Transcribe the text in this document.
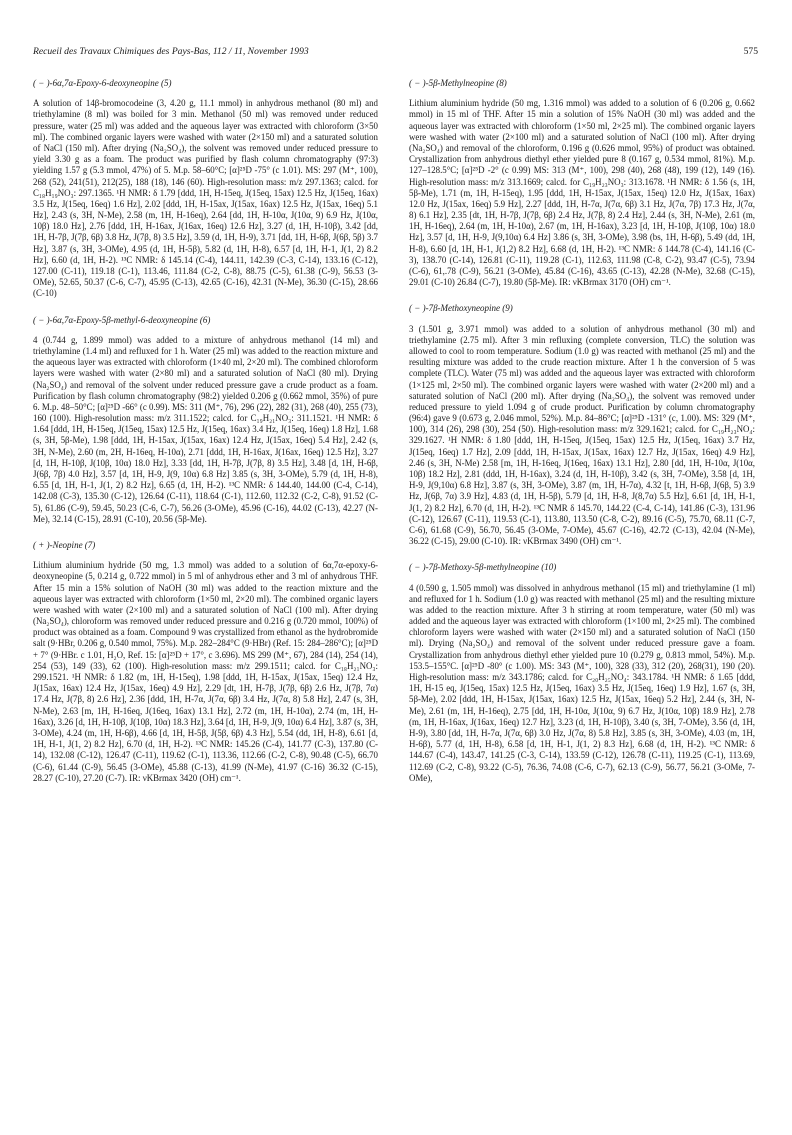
Recueil des Travaux Chimiques des Pays-Bas, 112 / 11, November 1993	575
( − )-6α,7α-Epoxy-6-deoxyneopine (5)

A solution of 14β-bromocodeine (3, 4.20 g, 11.1 mmol) in anhydrous methanol (80 ml) and triethylamine (8 ml) was boiled for 3 min. Methanol (50 ml) was removed under reduced pressure, water (25 ml) was added and the aqueous layer was extracted with chloroform (3×50 ml). The combined organic layers were washed with water (2×150 ml) and a saturated solution of NaCl (150 ml). After drying (Na₂SO₄), the solvent was removed under reduced pressure to yield 3.30 g as a foam. The product was purified by flash column chromatography (97:3) yielding 1.57 g (5.3 mmol, 47%) of 5. M.p. 58–60°C; [α]²⁵D -75° (c 1.01). MS: 297 (M⁺, 100), 268 (52), 241(51), 212(25), 188 (18), 146 (60). High-resolution mass: m/z 297.1363; calcd. for C₁₈H₁₉NO₃: 297.1365. ¹H NMR: δ 1.79 [ddd, 1H, H-15eq, J(15eq, 15ax) 12.5 Hz, J(15eq, 16ax) 3.5 Hz, J(15eq, 16eq) 1.6 Hz], 2.02 [ddd, 1H, H-15ax, J(15ax, 16ax) 12.5 Hz, J(15ax, 16eq) 5.1 Hz], 2.43 (s, 3H, N-Me), 2.58 (m, 1H, H-16eq), 2.64 [dd, 1H, H-10α, J(10α, 9) 6.9 Hz, J(10α, 10β) 18.0 Hz], 2.76 [ddd, 1H, H-16ax, J(16ax, 16eq) 12.6 Hz], 3.27 (d, 1H, H-10β), 3.42 [dd, 1H, H-7β, J(7β, 6β) 3.8 Hz, J(7β, 8) 3.5 Hz], 3.59 (d, 1H, H-9), 3.71 [dd, 1H, H-6β, J(6β, 5β) 3.7 Hz], 3.87 (s, 3H, 3-OMe), 4.95 (d, 1H, H-5β), 5.82 (d, 1H, H-8), 6.57 [d, 1H, H-1, J(1, 2) 8.2 Hz], 6.60 (d, 1H, H-2). ¹³C NMR: δ 145.14 (C-4), 144.11, 142.39 (C-3, C-14), 133.16 (C-12), 127.00 (C-11), 119.18 (C-1), 113.46, 111.84 (C-2, C-8), 88.75 (C-5), 61.38 (C-9), 56.53 (3-OMe), 52.65, 50.37 (C-6, C-7), 45.95 (C-13), 42.65 (C-16), 42.31 (N-Me), 36.30 (C-15), 28.66 (C-10)

( − )-6α,7α-Epoxy-5β-methyl-6-deoxyneopine (6)

4 (0.744 g, 1.899 mmol) was added to a mixture of anhydrous methanol (14 ml) and triethylamine (1.4 ml) and refluxed for 1 h. Water (25 ml) was added to the reaction mixture and the aqueous layer was extracted with chloroform (1×40 ml, 2×20 ml). The combined chloroform layers were washed with water (2×80 ml) and a saturated solution of NaCl (80 ml). Drying (Na₂SO₄) and removal of the solvent under reduced pressure gave a crude product as a foam. Purification by flash column chromatography (98:2) yielded 0.206 g (0.662 mmol, 35%) of pure 6. M.p. 48–50°C; [α]²⁵D -66° (c 0.99). MS: 311 (M⁺, 76), 296 (22), 282 (31), 268 (40), 255 (73), 160 (100). High-resolution mass: m/z 311.1522; calcd. for C₁₉H₂₁NO₃: 311.1521. ¹H NMR: δ 1.64 [ddd, 1H, H-15eq, J(15eq, 15ax) 12.5 Hz, J(15eq, 16ax) 3.4 Hz, J(15eq, 16eq) 1.8 Hz], 1.68 (s, 3H, 5β-Me), 1.98 [ddd, 1H, H-15ax, J(15ax, 16ax) 12.4 Hz, J(15ax, 16eq) 5.4 Hz], 2.42 (s, 3H, N-Me), 2.60 (m, 2H, H-16eq, H-10α), 2.71 [ddd, 1H, H-16ax, J(16ax, 16eq) 12.5 Hz], 3.27 [d, 1H, H-10β, J(10β, 10α) 18.0 Hz], 3.33 [dd, 1H, H-7β, J(7β, 8) 3.5 Hz], 3.48 [d, 1H, H-6β, J(6β, 7β) 4.0 Hz], 3.57 [d, 1H, H-9, J(9, 10α) 6.8 Hz] 3.85 (s, 3H, 3-OMe), 5.79 (d, 1H, H-8), 6.55 [d, 1H, H-1, J(1, 2) 8.2 Hz], 6.65 (d, 1H, H-2). ¹³C NMR: δ 144.40, 144.00 (C-4, C-14), 142.08 (C-3), 135.30 (C-12), 126.64 (C-11), 118.64 (C-1), 112.60, 112.32 (C-2, C-8), 91.52 (C-5), 61.86 (C-9), 59.45, 50.23 (C-6, C-7), 56.26 (3-OMe), 45.96 (C-16), 44.02 (C-13), 42.27 (N-Me), 32.14 (C-15), 28.91 (C-10), 20.56 (5β-Me).

( + )-Neopine (7)

Lithium aluminium hydride (50 mg, 1.3 mmol) was added to a solution of 6α,7α-epoxy-6-deoxyneopine (5, 0.214 g, 0.722 mmol) in 5 ml of anhydrous ether and 3 ml of anhydrous THF. After 15 min a 15% solution of NaOH (30 ml) was added to the reaction mixture and the aqueous layer was extracted with chloroform (1×50 ml, 2×20 ml). The combined organic layers were washed with water (2×100 ml) and a saturated solution of NaCl (100 ml). After drying (Na₂SO₄), chloroform was removed under reduced pressure and 0.216 g (0.720 mmol, 100%) of product was obtained as a foam. Compound 9 was crystallized from ethanol as the hydrobromide salt (9·HBr, 0.206 g, 0.540 mmol, 75%). M.p. 282–284°C (9·HBr) (Ref. 15: 284–286°C); [α]²⁵D + 7° (9·HBr. c 1.01, H₂O, Ref. 15: [α]²⁵D + 17°, c 3.696). MS 299 (M⁺, 67), 284 (14), 254 (14), 254 (53), 149 (33), 62 (100). High-resolution mass: m/z 299.1511; calcd. for C₁₈H₂₁NO₃: 299.1521. ¹H NMR: δ 1.82 (m, 1H, H-15eq), 1.98 [ddd, 1H, H-15ax, J(15ax, 15eq) 12.4 Hz, J(15ax, 16ax) 12.4 Hz, J(15ax, 16eq) 4.9 Hz], 2.29 [dt, 1H, H-7β, J(7β, 6β) 2.6 Hz, J(7β, 7α) 17.4 Hz, J(7β, 8) 2.6 Hz], 2.36 [ddd, 1H, H-7α, J(7α, 6β) 3.4 Hz, J(7α, 8) 5.8 Hz], 2.47 (s, 3H, N-Me), 2.63 [m, 1H, H-16eq, J(16eq, 16ax) 13.1 Hz], 2.72 (m, 1H, H-10α), 2.74 (m, 1H, H-16ax), 3.26 [d, 1H, H-10β, J(10β, 10α) 18.3 Hz], 3.64 [d, 1H, H-9, J(9, 10α) 6.4 Hz], 3.87 (s, 3H, 3-OMe), 4.24 (m, 1H, H-6β), 4.66 [d, 1H, H-5β, J(5β, 6β) 4.3 Hz], 5.54 (dd, 1H, H-8), 6.61 [d, 1H, H-1, J(1, 2) 8.2 Hz], 6.70 (d, 1H, H-2). ¹³C NMR: 145.26 (C-4), 141.77 (C-3), 137.80 (C-14), 132.08 (C-12), 126.47 (C-11), 119.62 (C-1), 113.36, 112.66 (C-2, C-8), 90.48 (C-5), 66.70 (C-6), 61.44 (C-9), 56.45 (3-OMe), 45.88 (C-13), 41.99 (N-Me), 41.97 (C-16) 36.32 (C-15), 28.27 (C-10), 27.20 (C-7). IR: νKBrmax 3420 (OH) cm⁻¹.

( − )-5β-Methylneopine (8)

Lithium aluminium hydride (50 mg, 1.316 mmol) was added to a solution of 6 (0.206 g, 0.662 mmol) in 15 ml of THF. After 15 min a solution of 15% NaOH (30 ml) was added and the aqueous layer was extracted with chloroform (1×50 ml, 2×25 ml). The combined organic layers were washed with water (2×100 ml) and a saturated solution of NaCl (100 ml). After drying (Na₂SO₄) and removal of the chloroform, 0.196 g (0.626 mmol, 95%) of product was obtained. Crystallization from anhydrous diethyl ether yielded pure 8 (0.167 g, 0.534 mmol, 81%). M.p. 127–128.5°C; [α]²⁵D -2° (c 0.99) MS: 313 (M⁺, 100), 298 (40), 268 (48), 199 (12), 149 (16). High-resolution mass: m/z 313.1669; calcd. for C₁₉H₂₃NO₃: 313.1678. ¹H NMR: δ 1.56 (s, 1H, 5β-Me), 1.71 (m, 1H, H-15eq), 1.95 [ddd, 1H, H-15ax, J(15ax, 15eq) 12.0 Hz, J(15ax, 16ax) 12.0 Hz, J(15ax, 16eq) 5.9 Hz], 2.27 [ddd, 1H, H-7α, J(7α, 6β) 3.1 Hz, J(7α, 7β) 17.3 Hz, J(7α, 8) 6.1 Hz], 2.35 [dt, 1H, H-7β, J(7β, 6β) 2.4 Hz, J(7β, 8) 2.4 Hz], 2.44 (s, 3H, N-Me), 2.61 (m, 1H, H-16eq), 2.64 (m, 1H, H-10α), 2.67 (m, 1H, H-16ax), 3.23 [d, 1H, H-10β, J(10β, 10α) 18.0 Hz], 3.57 [d, 1H, H-9, J(9,10α) 6.4 Hz] 3.86 (s, 3H, 3-OMe), 3.98 (bs, 1H, H-6β), 5.49 (dd, 1H, H-8), 6.60 [d, 1H, H-1, J(1,2) 8.2 Hz], 6.68 (d, 1H, H-2). ¹³C NMR: δ 144.78 (C-4), 141.16 (C-3), 138.70 (C-14), 126.81 (C-11), 119.28 (C-1), 112.63, 111.98 (C-8, C-2), 93.47 (C-5), 73.94 (C-6), 61,.78 (C-9), 56.21 (3-OMe), 45.84 (C-16), 43.65 (C-13), 42.28 (N-Me), 32.68 (C-15), 29.01 (C-10) 26.84 (C-7), 19.80 (5β-Me). IR: νKBrmax 3170 (OH) cm⁻¹.

( − )-7β-Methoxyneopine (9)

3 (1.501 g, 3.971 mmol) was added to a solution of anhydrous methanol (30 ml) and triethylamine (2.75 ml). After 3 min refluxing (complete conversion, TLC) the solution was allowed to cool to room temperature. Sodium (1.0 g) was reacted with methanol (25 ml) and the resulting mixture was added to the crude reaction mixture. After 1 h the conversion of 5 was complete (TLC). Water (75 ml) was added and the aqueous layer was extracted with chloroform (1×125 ml, 2×50 ml). The combined organic layers were washed with water (2×200 ml) and a saturated solution of NaCl (200 ml). After drying (Na₂SO₄), the solvent was removed under reduced pressure to yield 1.094 g of crude product. Purification by column chromatography (96:4) gave 9 (0.673 g, 2.046 mmol, 52%). M.p. 84–86°C; [α]²⁵D -131° (c, 1.00). MS: 329 (M⁺, 100), 314 (26), 298 (30), 254 (50). High-resolution mass: m/z 329.1621; calcd. for C₁₉H₂₃NO₄: 329.1627. ¹H NMR: δ 1.80 [ddd, 1H, H-15eq, J(15eq, 15ax) 12.5 Hz, J(15eq, 16ax) 3.7 Hz, J(15eq, 16eq) 1.7 Hz], 2.09 [ddd, 1H, H-15ax, J(15ax, 16ax) 12.7 Hz, J(15ax, 16eq) 4.9 Hz], 2.46 (s, 3H, N-Me) 2.58 [m, 1H, H-16eq, J(16eq, 16ax) 13.1 Hz], 2.80 [dd, 1H, H-10α, J(10α, 10β) 18.2 Hz], 2.81 (ddd, 1H, H-16ax), 3.24 (d, 1H, H-10β), 3.42 (s, 3H, 7-OMe), 3.58 [d, 1H, H-9, J(9,10α) 6.8 Hz], 3.87 (s, 3H, 3-OMe), 3.87 (m, 1H, H-7α), 4.32 [t, 1H, H-6β, J(6β, 5) 3.9 Hz, J(6β, 7α) 3.9 Hz], 4.83 (d, 1H, H-5β), 5.79 [d, 1H, H-8, J(8,7α) 5.5 Hz], 6.61 [d, 1H, H-1, J(1, 2) 8.2 Hz], 6.70 (d, 1H, H-2). ¹³C NMR δ 145.70, 144.22 (C-4, C-14), 141.86 (C-3), 131.96 (C-12), 126.67 (C-11), 119.53 (C-1), 113.80, 113.50 (C-8, C-2), 89.16 (C-5), 75.70, 68.11 (C-7, C-6), 61.68 (C-9), 56.70, 56.45 (3-OMe, 7-OMe), 45.67 (C-16), 42.72 (C-13), 42.04 (N-Me), 36.22 (C-15), 29.00 (C-10). IR: νKBrmax 3490 (OH) cm⁻¹.

( − )-7β-Methoxy-5β-methylneopine (10)

4 (0.590 g, 1.505 mmol) was dissolved in anhydrous methanol (15 ml) and triethylamine (1 ml) and refluxed for 1 h. Sodium (1.0 g) was reacted with methanol (25 ml) and the resulting mixture was added to the reaction mixture. After 3 h stirring at room temperature, water (50 ml) was added and the aqueous layer was extracted with chloroform (1×100 ml, 2×25 ml). The combined chloroform layers were washed with water (2×150 ml) and a saturated solution of NaCl (150 ml). Drying (Na₂SO₄) and removal of the solvent under reduced pressure gave a foam. Crystallization from anhydrous diethyl ether yielded pure 10 (0.279 g, 0.813 mmol, 54%). M.p. 153.5–155°C. [α]²⁵D -80° (c 1.00). MS: 343 (M⁺, 100), 328 (33), 312 (20), 268(31), 190 (20). High-resolution mass: m/z 343.1786; calcd. for C₂₀H₂₅NO₄: 343.1784. ¹H NMR: δ 1.65 [ddd, 1H, H-15 eq, J(15eq, 15ax) 12.5 Hz, J(15eq, 16ax) 3.5 Hz, J(15eq, 16eq) 1.9 Hz], 1.67 (s, 3H, 5β-Me), 2.02 [ddd, 1H, H-15ax, J(15ax, 16ax) 12.5 Hz, J(15ax, 16eq) 5.2 Hz], 2.44 (s, 3H, N-Me), 2.61 (m, 1H, H-16eq), 2.75 [dd, 1H, H-10α, J(10α, 9) 6.7 Hz, J(10α, 10β) 18.9 Hz], 2.78 (m, 1H, H-16ax, J(16ax, 16eq) 12.7 Hz], 3.23 (d, 1H, H-10β), 3.40 (s, 3H, 7-OMe), 3.56 (d, 1H, H-9), 3.80 [dd, 1H, H-7α, J(7α, 6β) 3.0 Hz, J(7α, 8) 5.8 Hz], 3.85 (s, 3H, 3-OMe), 4.03 (m, 1H, H-6β), 5.77 (d, 1H, H-8), 6.58 [d, 1H, H-1, J(1, 2) 8.3 Hz], 6.68 (d, 1H, H-2). ¹³C NMR: δ 144.67 (C-4), 143.47, 141.25 (C-3, C-14), 133.59 (C-12), 126.78 (C-11), 119.25 (C-1), 113.69, 112.69 (C-2, C-8), 93.22 (C-5), 76.36, 74.08 (C-6, C-7), 62.13 (C-9), 56.77, 56.21 (3-OMe, 7-OMe),
